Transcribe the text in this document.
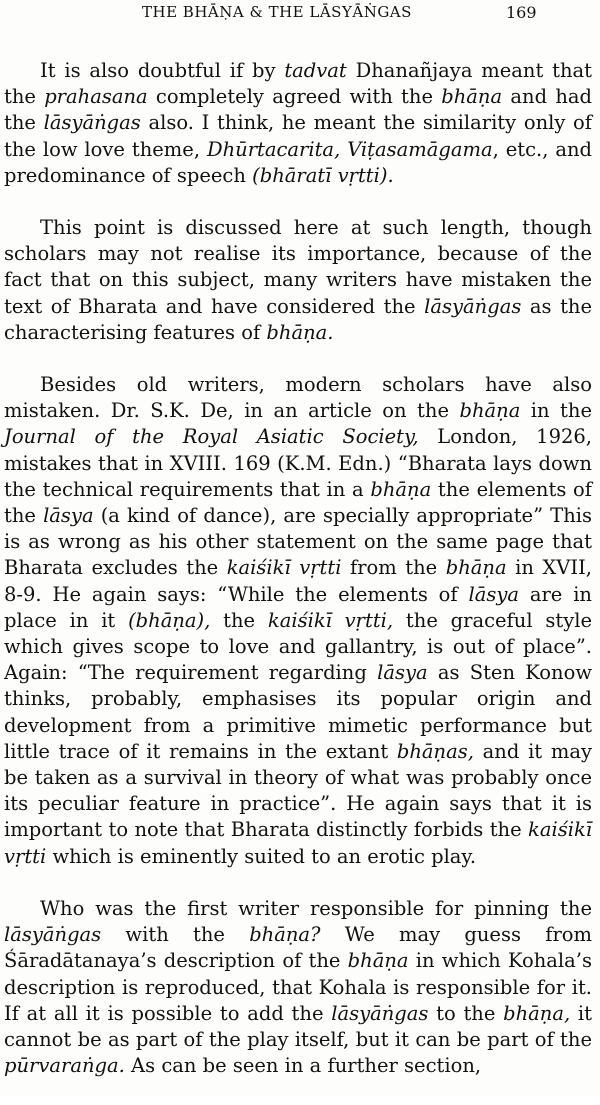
THE BHĀṆA & THE LĀSYĀṄGAS	169

It is also doubtful if by tadvat Dhanañjaya meant that the prahasana completely agreed with the bhāṇa and had the lāsyāṅgas also. I think, he meant the similarity only of the low love theme, Dhūrtacarita, Viṭasamāgama, etc., and predominance of speech (bhāratī vṛtti).

This point is discussed here at such length, though scholars may not realise its importance, because of the fact that on this subject, many writers have mistaken the text of Bharata and have considered the lāsyāṅgas as the characterising features of bhāṇa.

Besides old writers, modern scholars have also mistaken. Dr. S.K. De, in an article on the bhāṇa in the Journal of the Royal Asiatic Society, London, 1926, mistakes that in XVIII. 169 (K.M. Edn.) “Bharata lays down the technical requirements that in a bhāṇa the elements of the lāsya (a kind of dance), are specially appropriate” This is as wrong as his other statement on the same page that Bharata excludes the kaiśikī vṛtti from the bhāṇa in XVII, 8-9. He again says: “While the elements of lāsya are in place in it (bhāṇa), the kaiśikī vṛtti, the graceful style which gives scope to love and gallantry, is out of place”. Again: “The requirement regarding lāsya as Sten Konow thinks, probably, emphasises its popular origin and development from a primitive mimetic performance but little trace of it remains in the extant bhāṇas, and it may be taken as a survival in theory of what was probably once its peculiar feature in practice”. He again says that it is important to note that Bharata distinctly forbids the kaiśikī vṛtti which is eminently suited to an erotic play.

Who was the first writer responsible for pinning the lāsyāṅgas with the bhāṇa? We may guess from Śāradātanaya’s description of the bhāṇa in which Kohala’s description is reproduced, that Kohala is responsible for it. If at all it is possible to add the lāsyāṅgas to the bhāṇa, it cannot be as part of the play itself, but it can be part of the pūrvaraṅga. As can be seen in a further section,
